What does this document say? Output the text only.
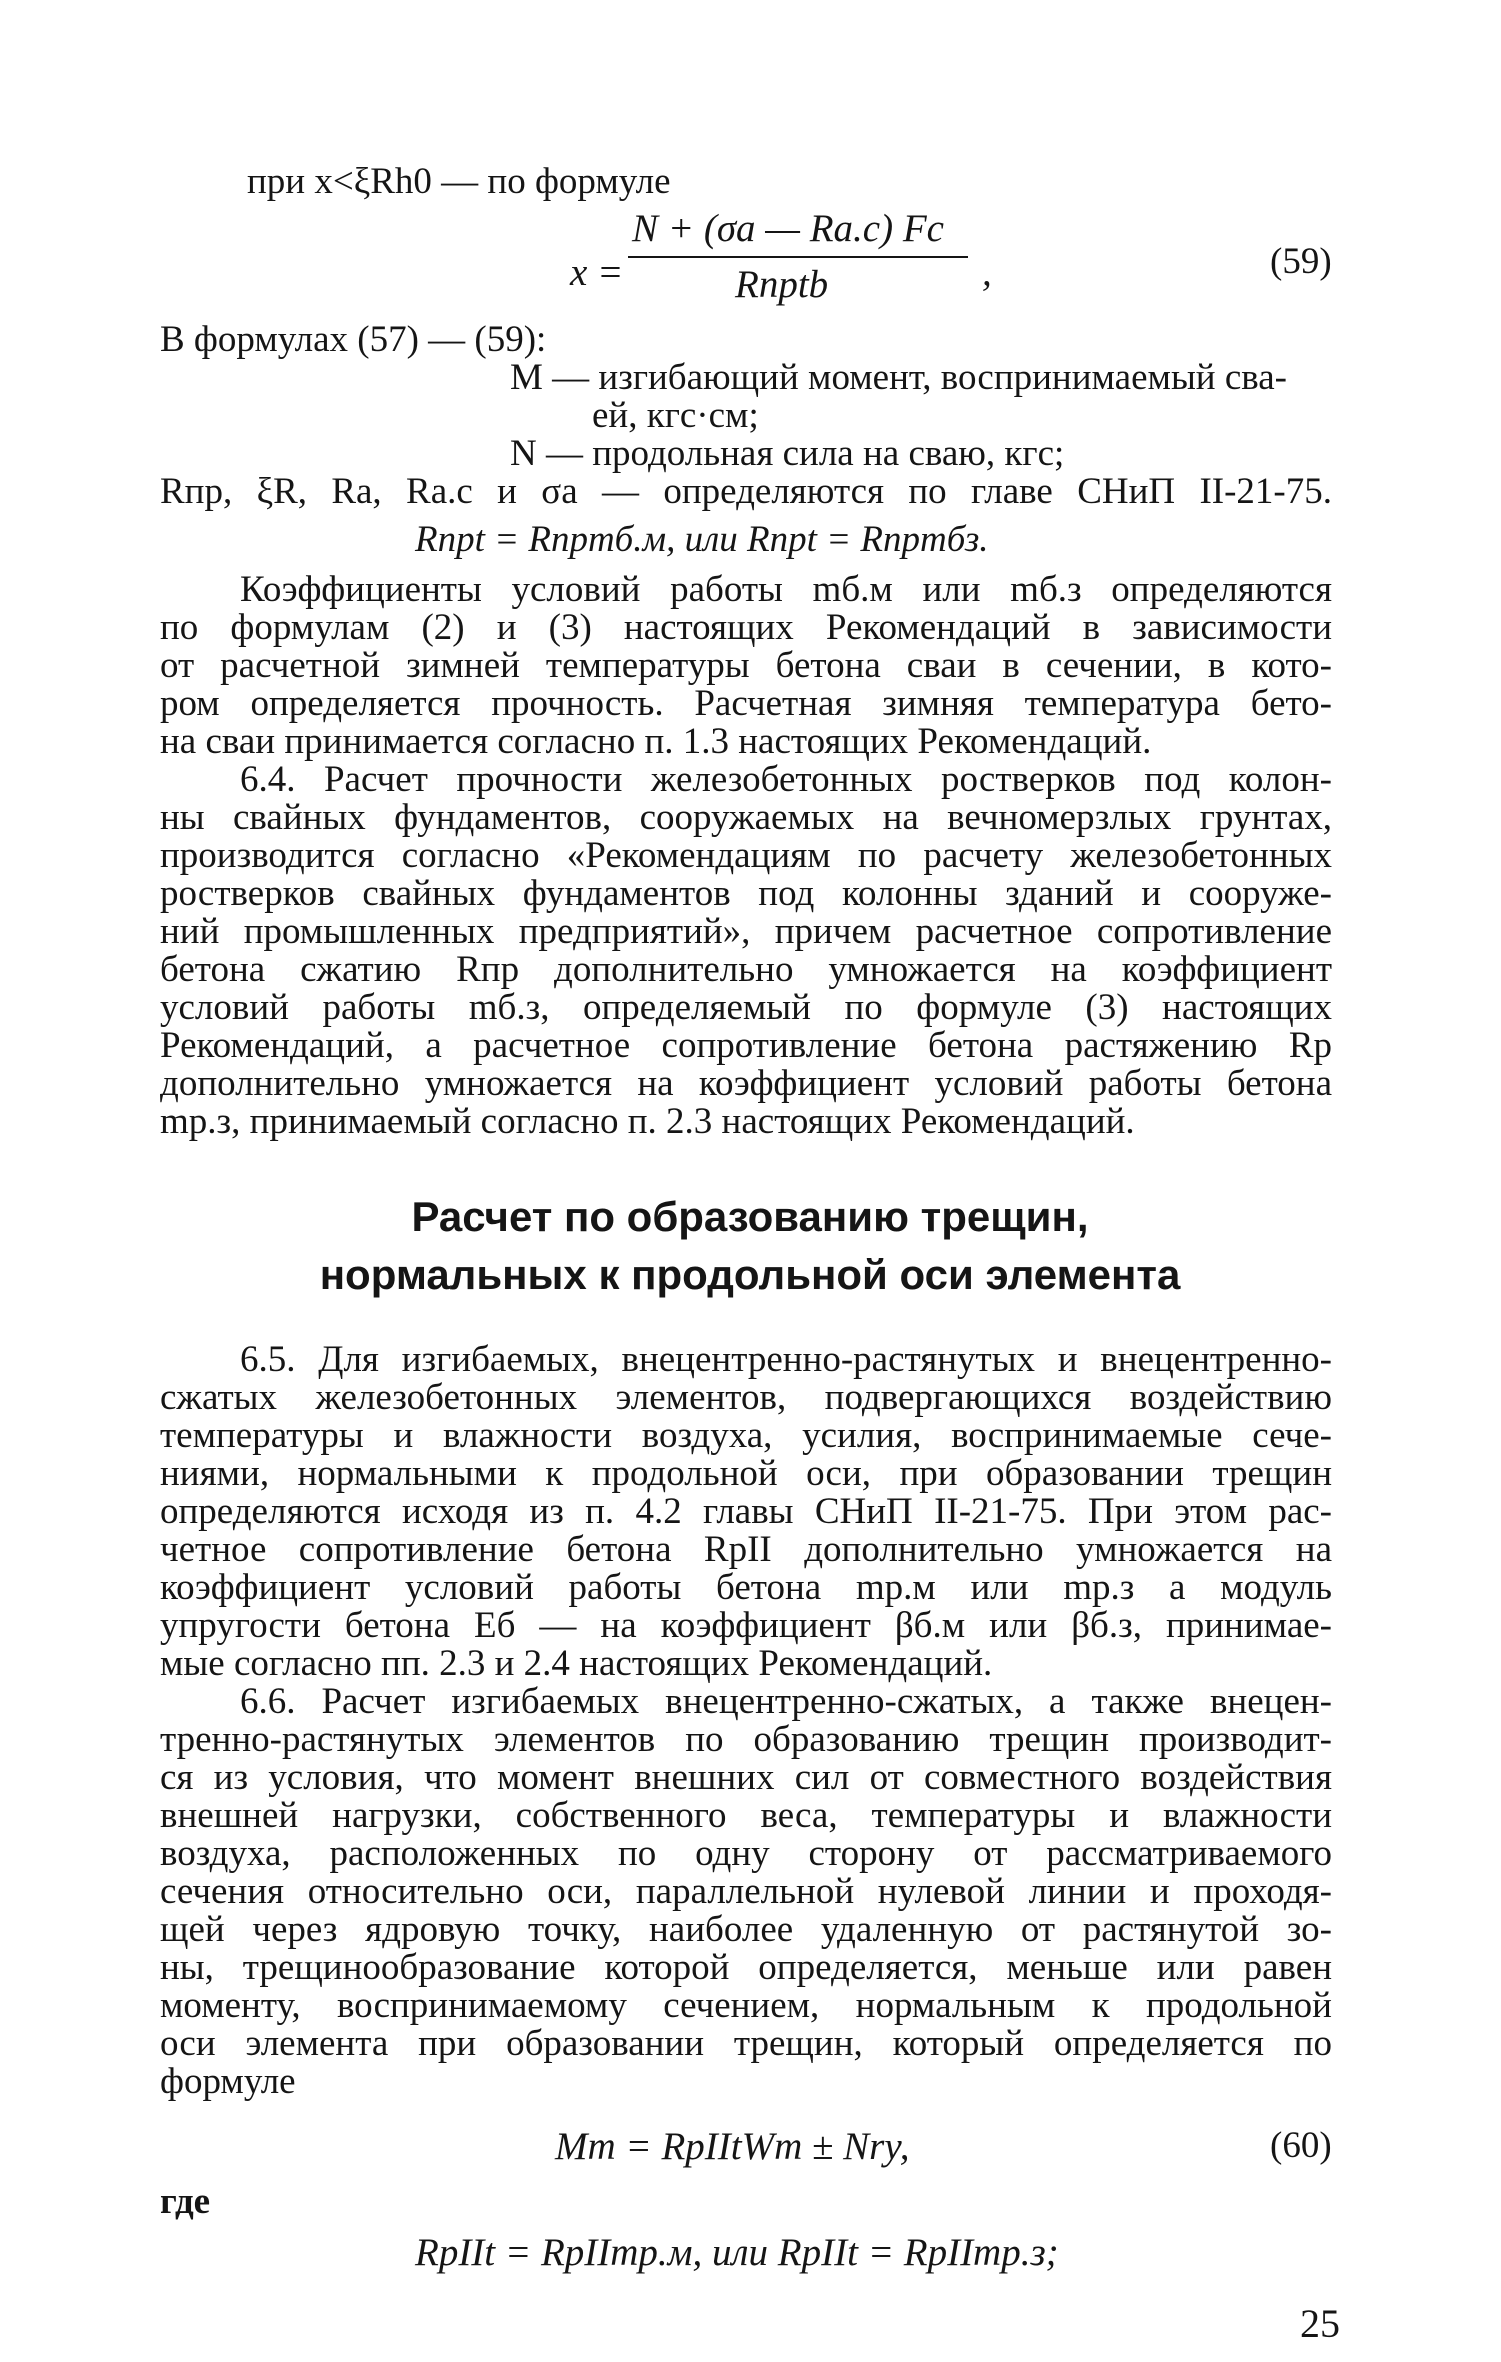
при x<ξRh0 — по формуле
x =
N + (σa — Ra.c) Fc
Rпрtb	,	(59)
В формулах (57) — (59):
M — изгибающий момент, воспринимаемый сва-
ей, кгс·см;
N — продольная сила на сваю, кгс;
Rпр, ξR, Ra, Ra.c и σa — определяются по главе СНиП II-21-75.
Rпрt = Rпрmб.м, или Rпрt = Rпрmбз.
Коэффициенты условий работы mб.м или mб.з определяются
по формулам (2) и (3) настоящих Рекомендаций в зависимости
от расчетной зимней температуры бетона сваи в сечении, в кото-
ром определяется прочность. Расчетная зимняя температура бето-
на сваи принимается согласно п. 1.3 настоящих Рекомендаций.
6.4. Расчет прочности железобетонных ростверков под колон-
ны свайных фундаментов, сооружаемых на вечномерзлых грунтах,
производится согласно «Рекомендациям по расчету железобетонных
ростверков свайных фундаментов под колонны зданий и сооруже-
ний промышленных предприятий», причем расчетное сопротивление
бетона сжатию Rпр дополнительно умножается на коэффициент
условий работы mб.з, определяемый по формуле (3) настоящих
Рекомендаций, а расчетное сопротивление бетона растяжению Rр
дополнительно умножается на коэффициент условий работы бетона
mр.з, принимаемый согласно п. 2.3 настоящих Рекомендаций.
Расчет по образованию трещин,
нормальных к продольной оси элемента
6.5. Для изгибаемых, внецентренно-растянутых и внецентренно-
сжатых железобетонных элементов, подвергающихся воздействию
температуры и влажности воздуха, усилия, воспринимаемые сече-
ниями, нормальными к продольной оси, при образовании трещин
определяются исходя из п. 4.2 главы СНиП II-21-75. При этом рас-
четное сопротивление бетона RpII дополнительно умножается на
коэффициент условий работы бетона mр.м или mр.з а модуль
упругости бетона Eб — на коэффициент βб.м или βб.з, принимае-
мые согласно пп. 2.3 и 2.4 настоящих Рекомендаций.
6.6. Расчет изгибаемых внецентренно-сжатых, а также внецен-
тренно-растянутых элементов по образованию трещин производит-
ся из условия, что момент внешних сил от совместного воздействия
внешней нагрузки, собственного веса, температуры и влажности
воздуха, расположенных по одну сторону от рассматриваемого
сечения относительно оси, параллельной нулевой линии и проходя-
щей через ядровую точку, наиболее удаленную от растянутой зо-
ны, трещинообразование которой определяется, меньше или равен
моменту, воспринимаемому сечением, нормальным к продольной
оси элемента при образовании трещин, который определяется по
формуле
Mт = RpIItWт ± Nrу,	(60)
где
RpIIt = RpIImр.м, или RpIIt = RpIImр.з;
25
